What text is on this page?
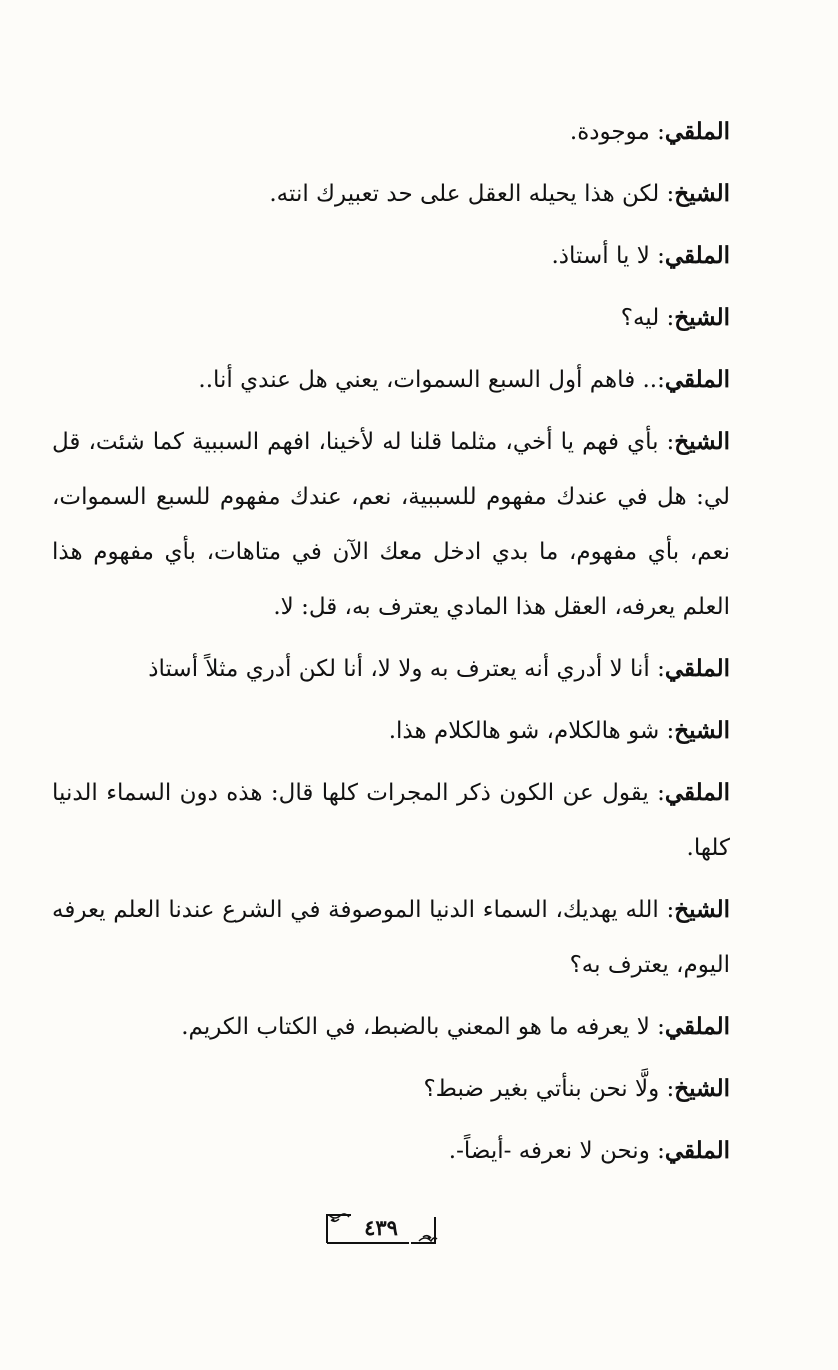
الملقي: موجودة.

الشيخ: لكن هذا يحيله العقل على حد تعبيرك انته.

الملقي: لا يا أستاذ.

الشيخ: ليه؟

الملقي:.. فاهم أول السبع السموات، يعني هل عندي أنا..

الشيخ: بأي فهم يا أخي، مثلما قلنا له لأخينا، افهم السببية كما شئت، قل لي: هل في عندك مفهوم للسببية، نعم، عندك مفهوم للسبع السموات، نعم، بأي مفهوم، ما بدي ادخل معك الآن في متاهات، بأي مفهوم هذا العلم يعرفه، العقل هذا المادي يعترف به، قل: لا.

الملقي: أنا لا أدري أنه يعترف به ولا لا، أنا لكن أدري مثلاً أستاذ

الشيخ: شو هالكلام، شو هالكلام هذا.

الملقي: يقول عن الكون ذكر المجرات كلها قال: هذه دون السماء الدنيا كلها.

الشيخ: الله يهديك، السماء الدنيا الموصوفة في الشرع عندنا العلم يعرفه اليوم، يعترف به؟

الملقي: لا يعرفه ما هو المعني بالضبط، في الكتاب الكريم.

الشيخ: ولَّا نحن بنأتي بغير ضبط؟

الملقي: ونحن لا نعرفه -أيضاً-.

٤٣٩
